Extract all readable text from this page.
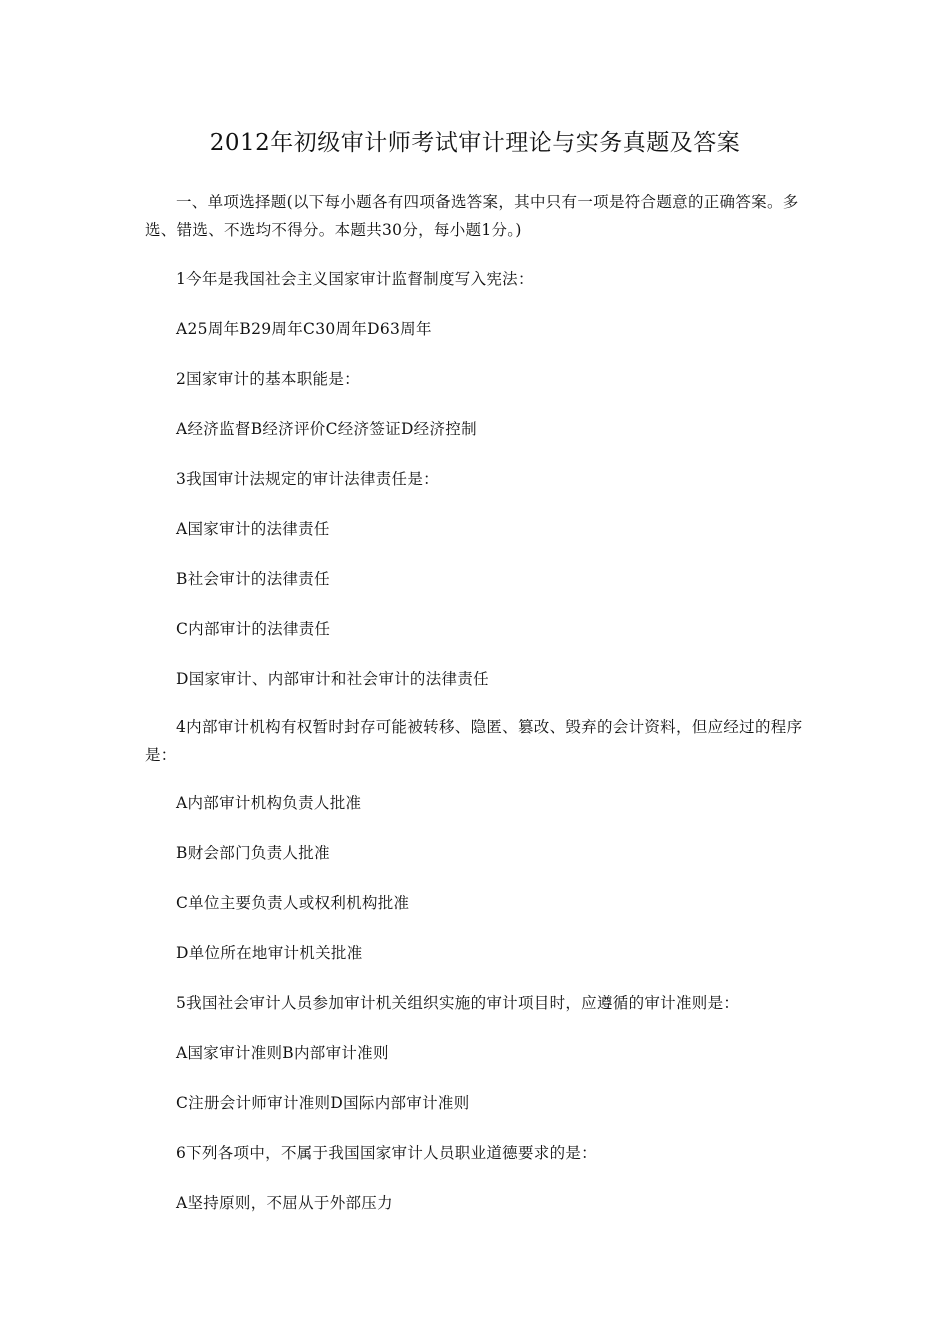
2012年初级审计师考试审计理论与实务真题及答案

一、单项选择题(以下每小题各有四项备选答案，其中只有一项是符合题意的正确答案。多选、错选、不选均不得分。本题共30分，每小题1分。)

1今年是我国社会主义国家审计监督制度写入宪法：

A25周年B29周年C30周年D63周年

2国家审计的基本职能是：

A经济监督B经济评价C经济签证D经济控制

3我国审计法规定的审计法律责任是：

A国家审计的法律责任

B社会审计的法律责任

C内部审计的法律责任

D国家审计、内部审计和社会审计的法律责任

4内部审计机构有权暂时封存可能被转移、隐匿、篡改、毁弃的会计资料，但应经过的程序是：

A内部审计机构负责人批准

B财会部门负责人批准

C单位主要负责人或权利机构批准

D单位所在地审计机关批准

5我国社会审计人员参加审计机关组织实施的审计项目时，应遵循的审计准则是：

A国家审计准则B内部审计准则

C注册会计师审计准则D国际内部审计准则

6下列各项中，不属于我国国家审计人员职业道德要求的是：

A坚持原则，不屈从于外部压力
